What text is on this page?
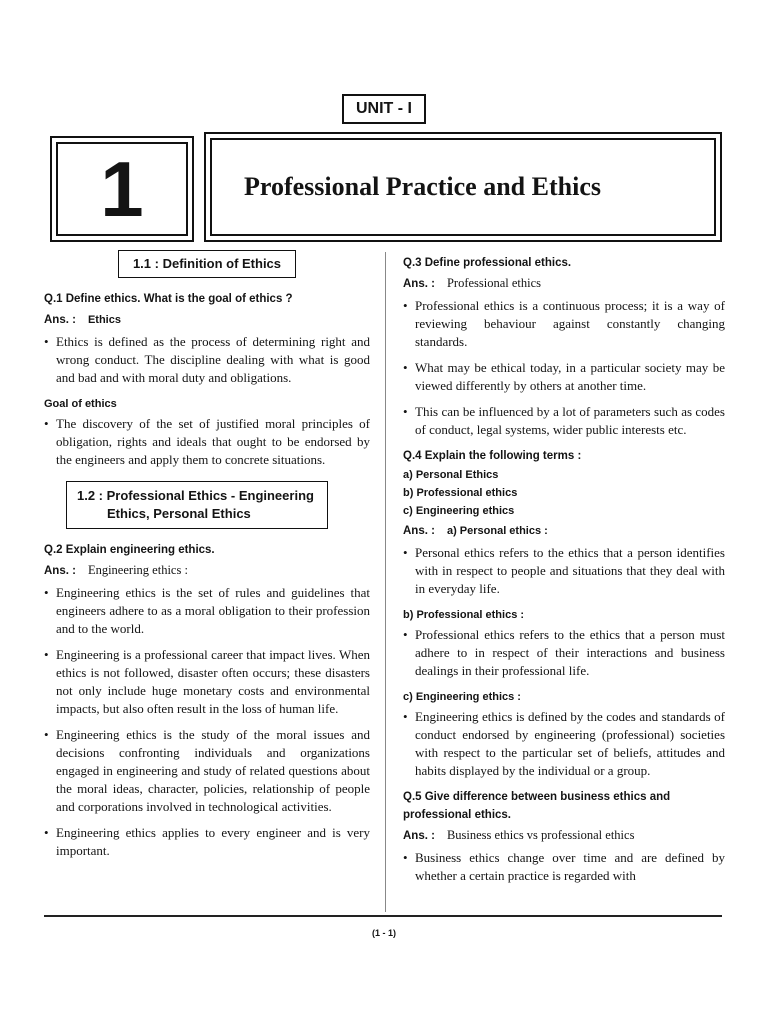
UNIT - I
1	Professional Practice and Ethics
1.1 : Definition of Ethics
Q.1 Define ethics. What is the goal of ethics ?
Ans. : Ethics
• Ethics is defined as the process of determining right and wrong conduct. The discipline dealing with what is good and bad and with moral duty and obligations.
Goal of ethics
• The discovery of the set of justified moral principles of obligation, rights and ideals that ought to be endorsed by the engineers and apply them to concrete situations.
1.2 : Professional Ethics - Engineering
Ethics, Personal Ethics
Q.2 Explain engineering ethics.
Ans. : Engineering ethics :
• Engineering ethics is the set of rules and guidelines that engineers adhere to as a moral obligation to their profession and to the world.
• Engineering is a professional career that impact lives. When ethics is not followed, disaster often occurs; these disasters not only include huge monetary costs and environmental impacts, but also often result in the loss of human life.
• Engineering ethics is the study of the moral issues and decisions confronting individuals and organizations engaged in engineering and study of related questions about the moral ideas, character, policies, relationship of people and corporations involved in technological activities.
• Engineering ethics applies to every engineer and is very important.
Q.3 Define professional ethics.
Ans. : Professional ethics
• Professional ethics is a continuous process; it is a way of reviewing behaviour against constantly changing standards.
• What may be ethical today, in a particular society may be viewed differently by others at another time.
• This can be influenced by a lot of parameters such as codes of conduct, legal systems, wider public interests etc.
Q.4 Explain the following terms :
a) Personal Ethics
b) Professional ethics
c) Engineering ethics
Ans. : a) Personal ethics :
• Personal ethics refers to the ethics that a person identifies with in respect to people and situations that they deal with in everyday life.
b) Professional ethics :
• Professional ethics refers to the ethics that a person must adhere to in respect of their interactions and business dealings in their professional life.
c) Engineering ethics :
• Engineering ethics is defined by the codes and standards of conduct endorsed by engineering (professional) societies with respect to the particular set of beliefs, attitudes and habits displayed by the individual or a group.
Q.5 Give difference between business ethics and professional ethics.
Ans. : Business ethics vs professional ethics
• Business ethics change over time and are defined by whether a certain practice is regarded with
(1 - 1)
